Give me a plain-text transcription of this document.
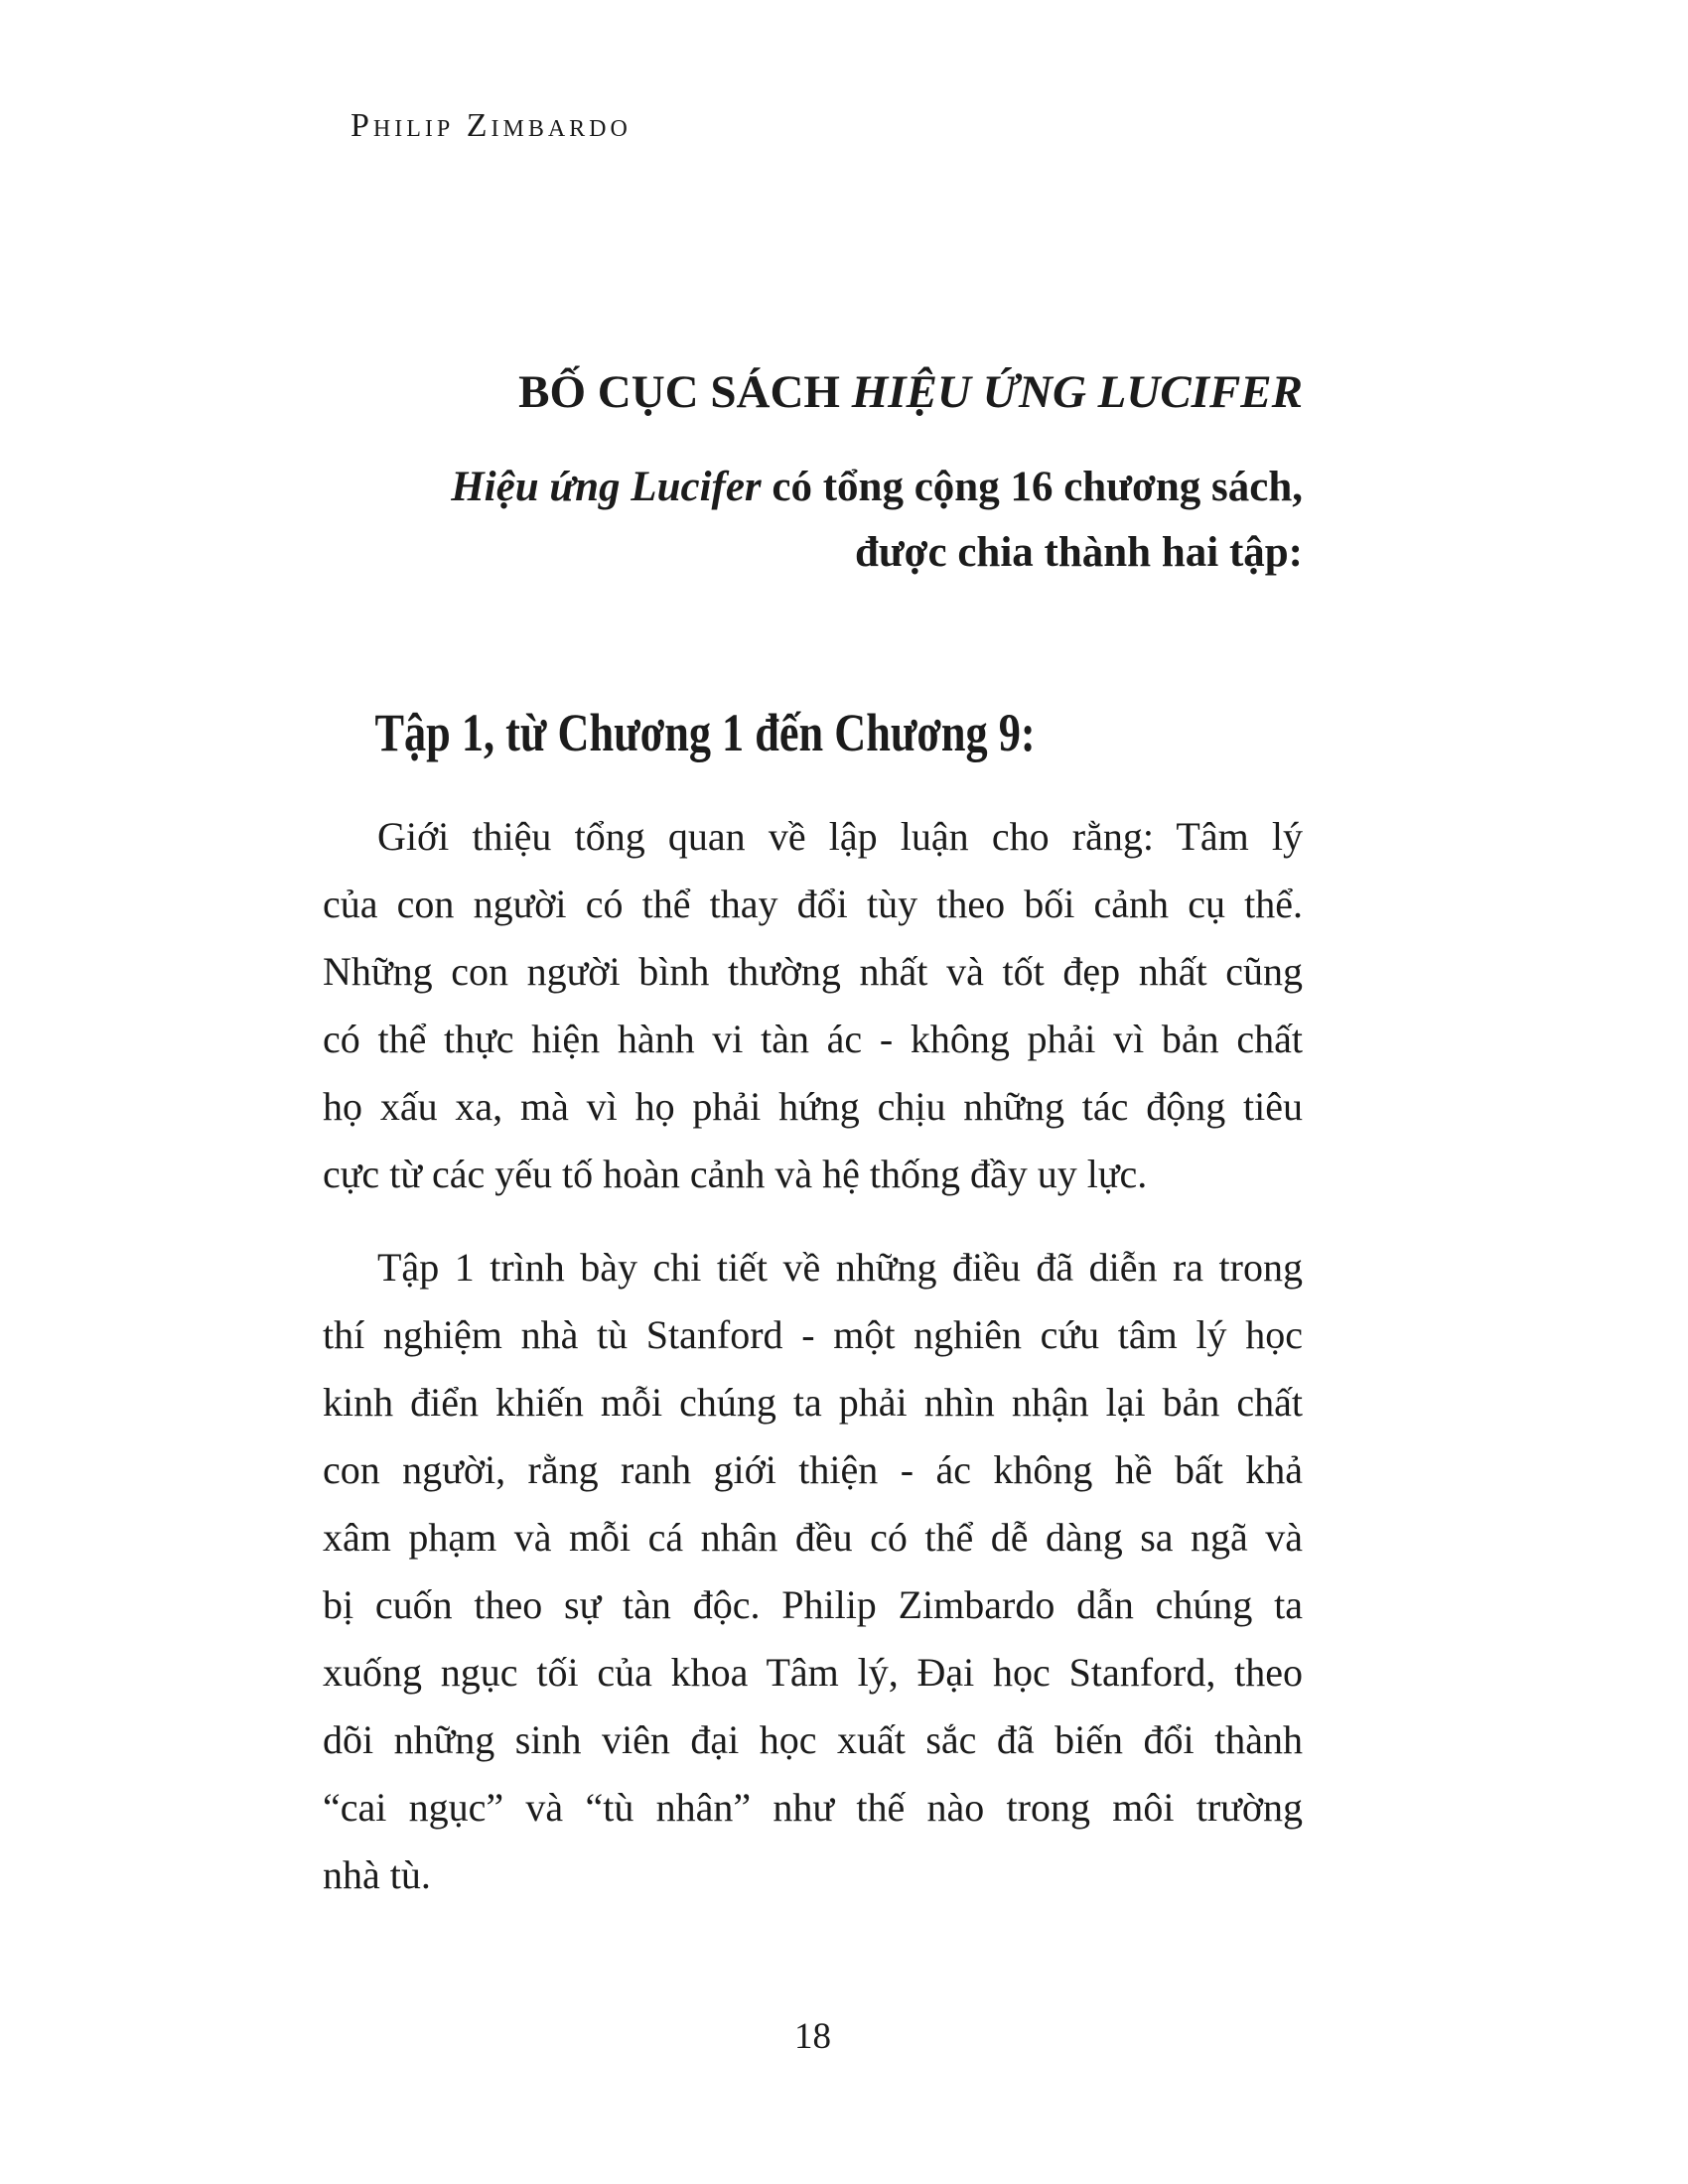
Philip Zimbardo
BỐ CỤC SÁCH HIỆU ỨNG LUCIFER
Hiệu ứng Lucifer có tổng cộng 16 chương sách,
được chia thành hai tập:
Tập 1, từ Chương 1 đến Chương 9:
Giới thiệu tổng quan về lập luận cho rằng: Tâm lý
của con người có thể thay đổi tùy theo bối cảnh cụ thể.
Những con người bình thường nhất và tốt đẹp nhất cũng
có thể thực hiện hành vi tàn ác - không phải vì bản chất
họ xấu xa, mà vì họ phải hứng chịu những tác động tiêu
cực từ các yếu tố hoàn cảnh và hệ thống đầy uy lực.
Tập 1 trình bày chi tiết về những điều đã diễn ra trong
thí nghiệm nhà tù Stanford - một nghiên cứu tâm lý học
kinh điển khiến mỗi chúng ta phải nhìn nhận lại bản chất
con người, rằng ranh giới thiện - ác không hề bất khả
xâm phạm và mỗi cá nhân đều có thể dễ dàng sa ngã và
bị cuốn theo sự tàn độc. Philip Zimbardo dẫn chúng ta
xuống ngục tối của khoa Tâm lý, Đại học Stanford, theo
dõi những sinh viên đại học xuất sắc đã biến đổi thành
“cai ngục” và “tù nhân” như thế nào trong môi trường
nhà tù.
18
